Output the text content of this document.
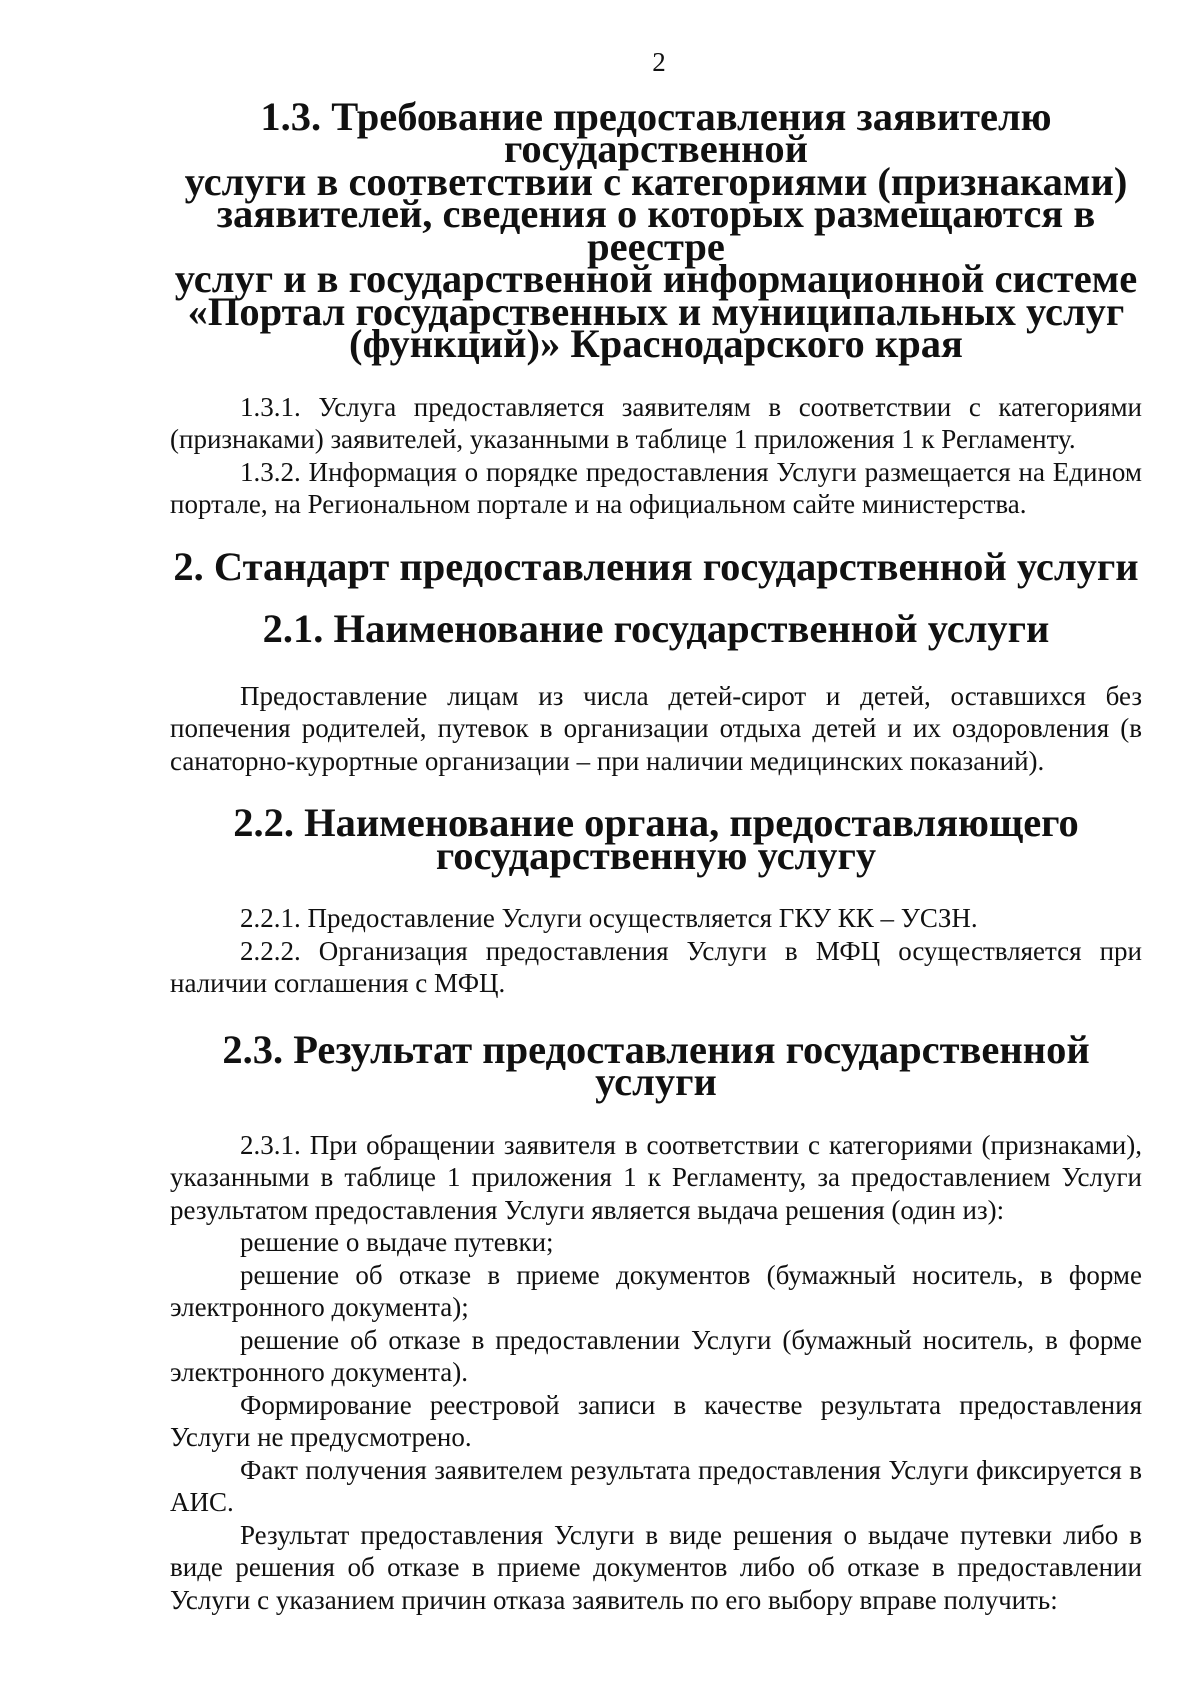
2
1.3. Требование предоставления заявителю государственной
услуги в соответствии с категориями (признаками)
заявителей, сведения о которых размещаются в реестре
услуг и в государственной информационной системе
«Портал государственных и муниципальных услуг
(функций)» Краснодарского края

1.3.1. Услуга предоставляется заявителям в соответствии с категориями (признаками) заявителей, указанными в таблице 1 приложения 1 к Регламенту.

1.3.2. Информация о порядке предоставления Услуги размещается на Едином портале, на Региональном портале и на официальном сайте министерства.

2. Стандарт предоставления государственной услуги
2.1. Наименование государственной услуги

Предоставление лицам из числа детей-сирот и детей, оставшихся без попечения родителей, путевок в организации отдыха детей и их оздоровления (в санаторно-курортные организации – при наличии медицинских показаний).

2.2. Наименование органа, предоставляющего
государственную услугу

2.2.1. Предоставление Услуги осуществляется ГКУ КК – УСЗН.

2.2.2. Организация предоставления Услуги в МФЦ осуществляется при наличии соглашения с МФЦ.

2.3. Результат предоставления государственной услуги

2.3.1. При обращении заявителя в соответствии с категориями (признаками), указанными в таблице 1 приложения 1 к Регламенту, за предоставлением Услуги результатом предоставления Услуги является выдача решения (один из):

решение о выдаче путевки;

решение об отказе в приеме документов (бумажный носитель, в форме электронного документа);

решение об отказе в предоставлении Услуги (бумажный носитель, в форме электронного документа).

Формирование реестровой записи в качестве результата предоставления Услуги не предусмотрено.

Факт получения заявителем результата предоставления Услуги фиксируется в АИС.

Результат предоставления Услуги в виде решения о выдаче путевки либо в виде решения об отказе в приеме документов либо об отказе в предоставлении Услуги с указанием причин отказа заявитель по его выбору вправе получить:
